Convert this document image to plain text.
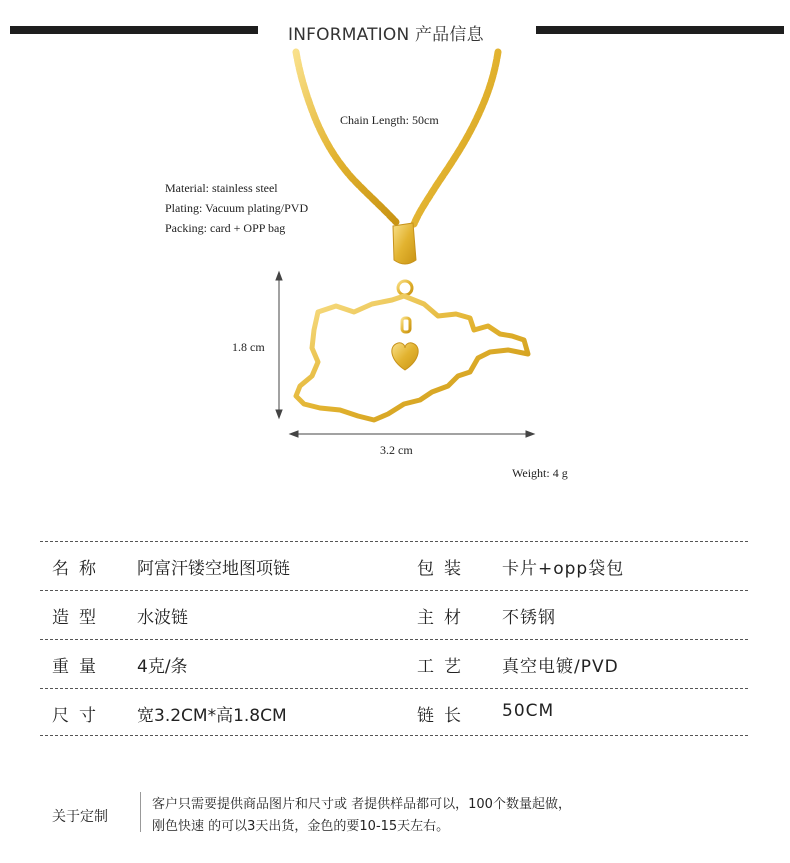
INFORMATION 产品信息
Chain Length: 50cm
Material: stainless steel
Plating: Vacuum plating/PVD
Packing: card + OPP bag
1.8 cm
3.2 cm
Weight: 4 g
名称 阿富汗镂空地图项链	包装 卡片+opp袋包
造型 水波链	主材 不锈钢
重量 4克/条	工艺 真空电镀/PVD
尺寸 宽3.2CM*高1.8CM	链长 50CM
关于定制
客户只需要提供商品图片和尺寸或 者提供样品都可以，100个数量起做，
刚色快速 的可以3天出货，金色的要10-15天左右。
